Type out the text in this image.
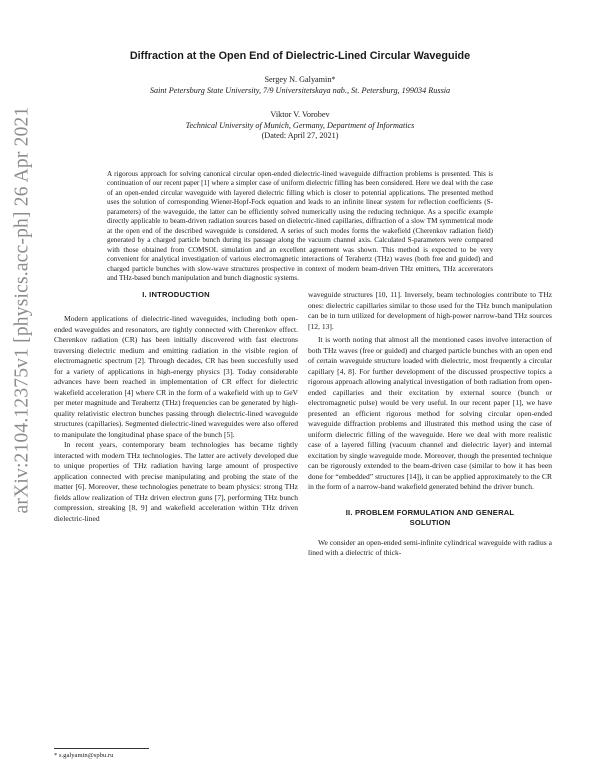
arXiv:2104.12375v1 [physics.acc-ph] 26 Apr 2021
Diffraction at the Open End of Dielectric-Lined Circular Waveguide

Sergey N. Galyamin*

Saint Petersburg State University, 7/9 Universitetskaya nab., St. Petersburg, 199034 Russia

Viktor V. Vorobev

Technical University of Munich, Germany, Department of Informatics

(Dated: April 27, 2021)

A rigorous approach for solving canonical circular open-ended dielectric-lined waveguide diffraction problems is presented. This is continuation of our recent paper [1] where a simpler case of uniform dielectric filling has been considered. Here we deal with the case of an open-ended circular waveguide with layered dielectric filling which is closer to potential applications. The presented method uses the solution of corresponding Wiener-Hopf-Fock equation and leads to an infinite linear system for reflection coefficients (S-parameters) of the waveguide, the latter can be efficiently solved numerically using the reducing technique. As a specific example directly applicable to beam-driven radiation sources based on dielectric-lined capillaries, diffraction of a slow TM symmetrical mode at the open end of the described waveguide is considered. A series of such modes forms the wakefield (Cherenkov radiation field) generated by a charged particle bunch during its passage along the vacuum channel axis. Calculated S-parameters were compared with those obtained from COMSOL simulation and an excellent agreement was shown. This method is expected to be very convenient for analytical investigation of various electromagnetic interactions of Terahertz (THz) waves (both free and guided) and charged particle bunches with slow-wave structures prospective in context of modern beam-driven THz emitters, THz accererators and THz-based bunch manipulation and bunch diagnostic systems.

I. INTRODUCTION

Modern applications of dielectric-lined waveguides, including both open-ended waveguides and resonators, are tightly connected with Cherenkov effect. Cherenkov radiation (CR) has been initially discovered with fast electrons traversing dielectric medium and emitting radiation in the visible region of electromagnetic spectrum [2]. Through decades, CR has been succesfully used for a variety of applications in high-energy physics [3]. Today considerable advances have been reached in implementation of CR effect for dielectric wakefield acceleration [4] where CR in the form of a wakefield with up to GeV per meter magnitude and Terahertz (THz) frequencies can be generated by high-quality relativistic electron bunches passing through dielectric-lined waveguide structures (capillaries). Segmented dielectric-lined waveguides were also offered to manipulate the longitudinal phase space of the bunch [5].

In recent years, contemporary beam technologies has became tightly interacted with modern THz technologies. The latter are actively developed due to unique properties of THz radiation having large amount of prospective application connected with precise manipulating and probing the state of the matter [6]. Moreover, these technologies penetrate to beam physics: strong THz fields allow realization of THz driven electron guns [7], performing THz bunch compression, streaking [8, 9] and wakefield acceleration within THz driven dielectric-lined

waveguide structures [10, 11]. Inversely, beam technologies contribute to THz ones: dielectric capillaries similar to those used for the THz bunch manipulation can be in turn utilized for development of high-power narrow-band THz sources [12, 13].

It is worth noting that almost all the mentioned cases involve interaction of both THz waves (free or guided) and charged particle bunches with an open end of certain waveguide structure loaded with dielectric, most frequently a circular capillary [4, 8]. For further development of the discussed prospective topics a rigorous approach allowing analytical investigation of both radiation from open-ended capillaries and their excitation by external source (bunch or electromagnetic pulse) would be very useful. In our recent paper [1], we have presented an efficient rigorous method for solving circular open-ended waveguide diffraction problems and illustrated this method using the case of uniform dielectric filling of the waveguide. Here we deal with more realistic case of a layered filling (vacuum channel and dielectric layer) and internal excitation by single waveguide mode. Moreover, though the presented technique can be rigorously extended to the beam-driven case (similar to how it has been done for “embedded” structures [14]), it can be applied approximately to the CR in the form of a narrow-band wakefield generated behind the driver bunch.

II. PROBLEM FORMULATION AND GENERAL SOLUTION

We consider an open-ended semi-infinite cylindrical waveguide with radius a lined with a dielectric of thick-

* s.galyamin@spbu.ru
